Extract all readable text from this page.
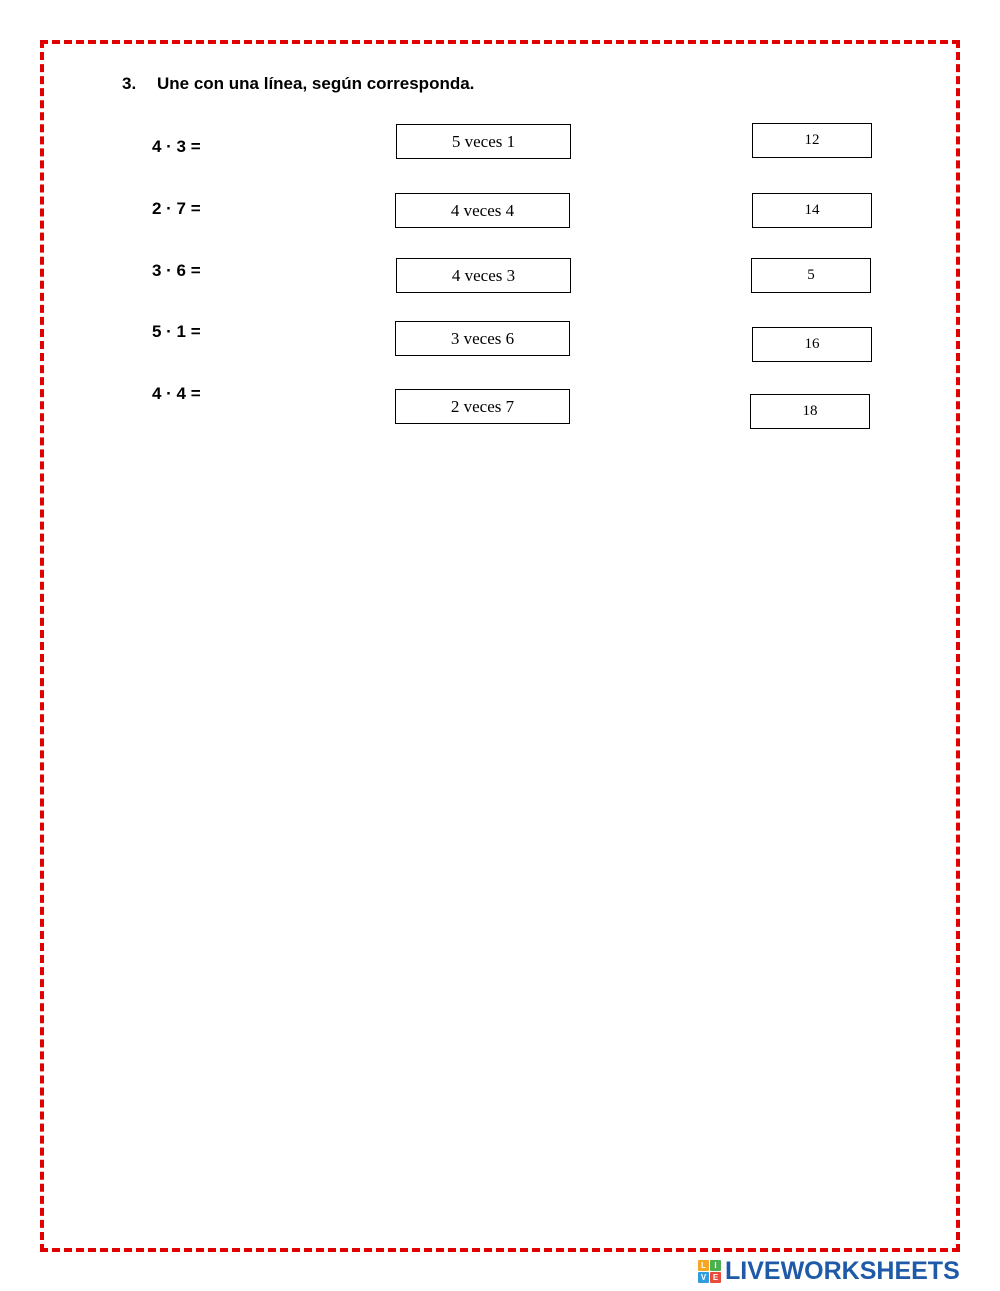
3. Une con una línea, según corresponda.
4 · 3 =
2 · 7 =
3 · 6 =
5 · 1 =
4 · 4 =
5 veces 1
4 veces 4
4 veces 3
3 veces 6
2 veces 7
12
14
5
16
18
L	I
V E LIVEWORKSHEETS
